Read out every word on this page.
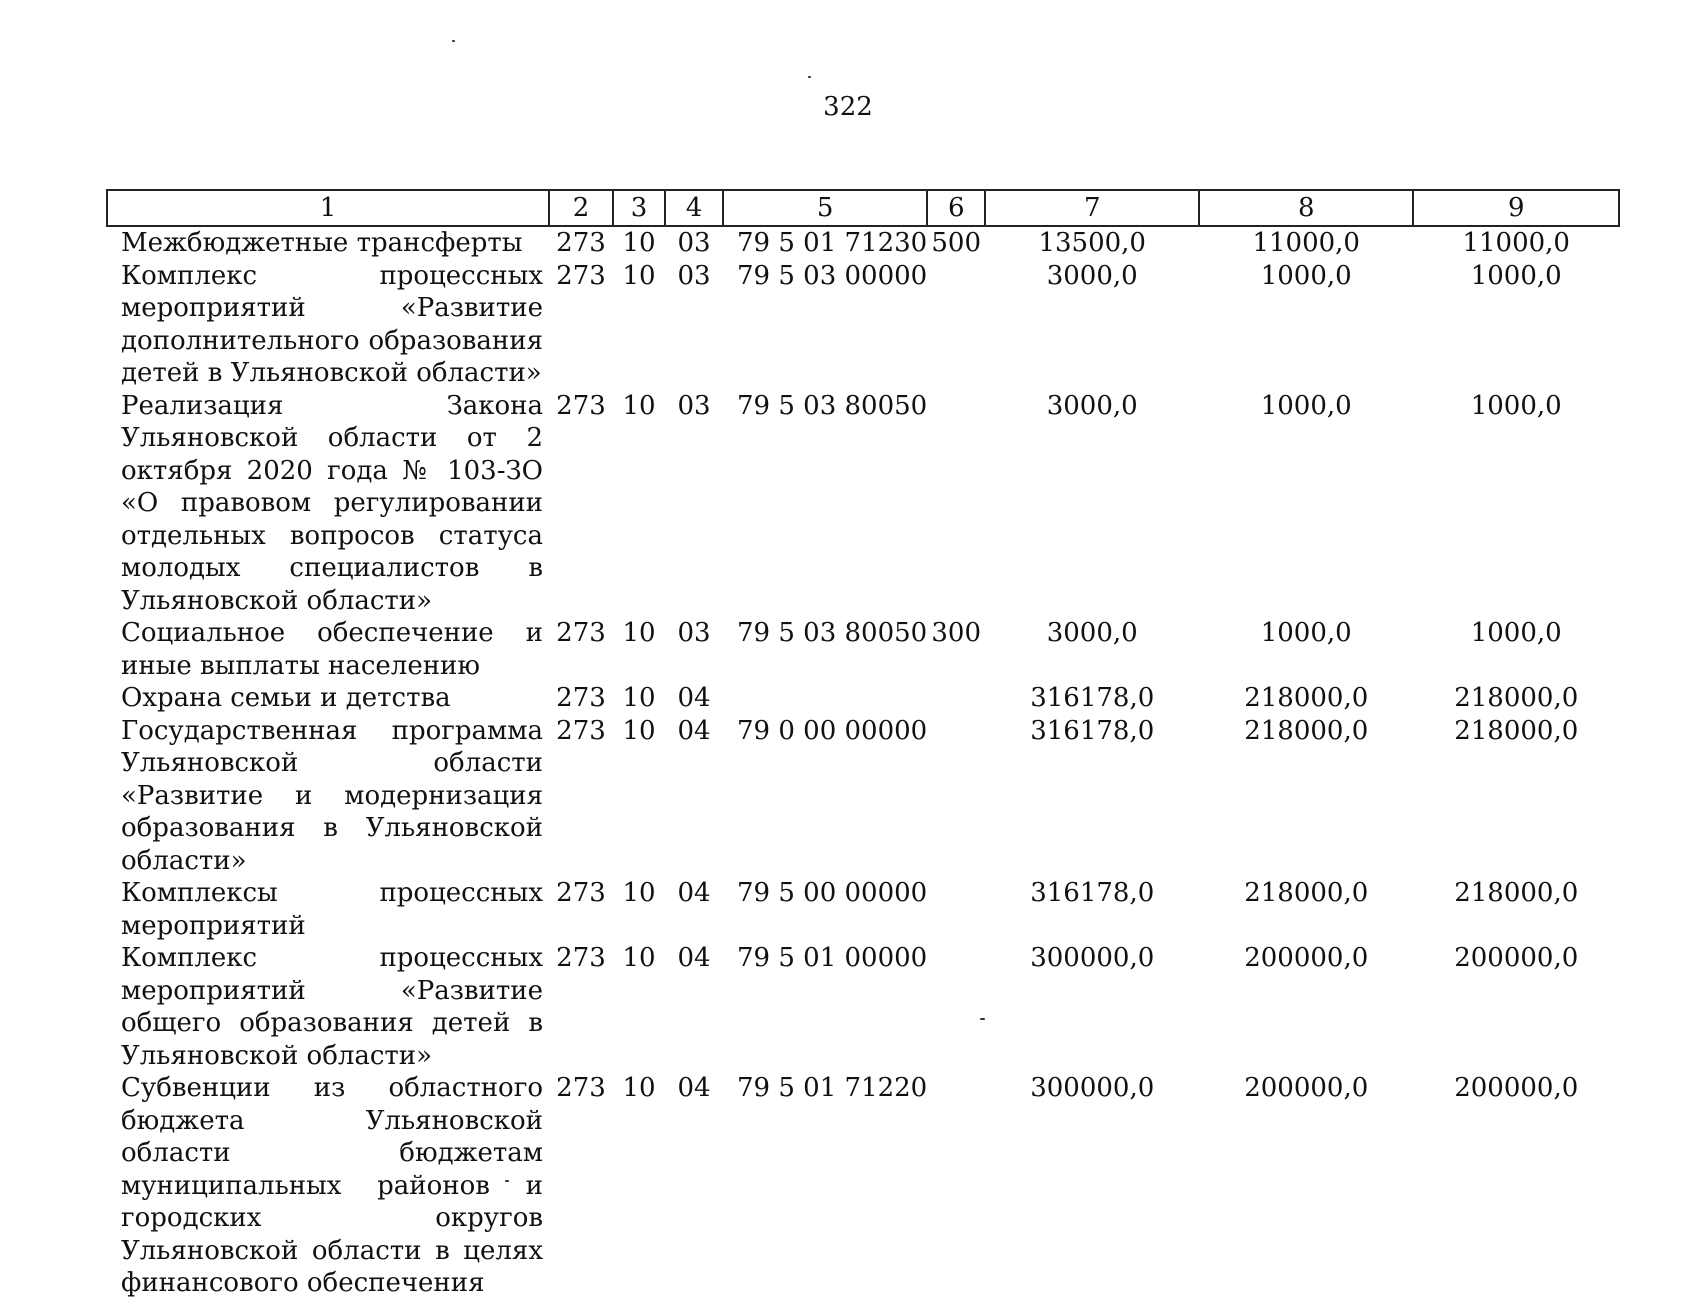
322
1	2	3	4	5	6	7	8	9
Межбюджетные трансферты	273	10	03	79 5 01 71230	500	13500,0	11000,0	11000,0
Комплекс процессных мероприятий «Развитие дополнительного образования детей в Ульяновской области»	273	10	03	79 5 03 00000		3000,0	1000,0	1000,0
Реализация Закона Ульяновской области от 2 октября 2020 года № 103-ЗО «О правовом регулировании отдельных вопросов статуса молодых специалистов в Ульяновской области»	273	10	03	79 5 03 80050		3000,0	1000,0	1000,0
Социальное обеспечение и иные выплаты населению	273	10	03	79 5 03 80050	300	3000,0	1000,0	1000,0
Охрана семьи и детства	273	10	04			316178,0	218000,0	218000,0
Государственная программа Ульяновской области «Развитие и модернизация образования в Ульяновской области»	273	10	04	79 0 00 00000		316178,0	218000,0	218000,0
Комплексы процессных мероприятий	273	10	04	79 5 00 00000		316178,0	218000,0	218000,0
Комплекс процессных мероприятий «Развитие общего образования детей в Ульяновской области»	273	10	04	79 5 01 00000		300000,0	200000,0	200000,0
Субвенции из областного бюджета Ульяновской области бюджетам муниципальных районов и городских округов Ульяновской области в целях финансового обеспечения	273	10	04	79 5 01 71220		300000,0	200000,0	200000,0
